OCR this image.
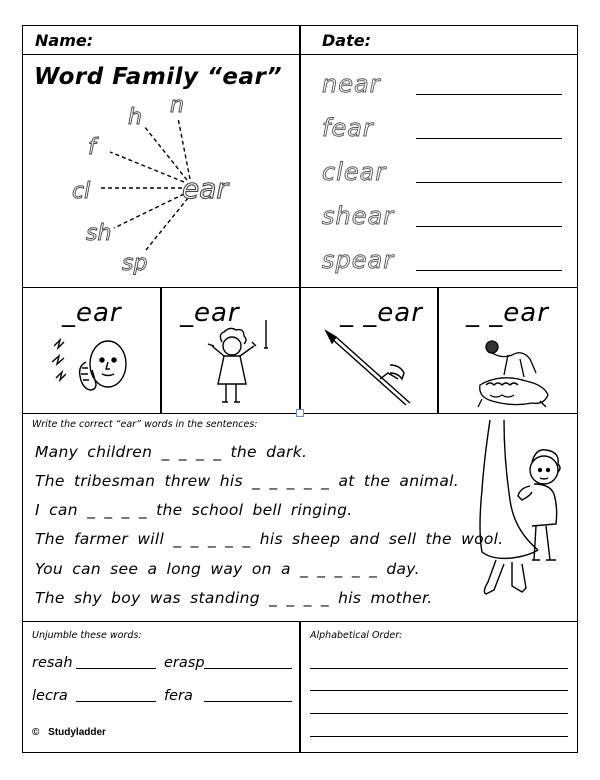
Name:	Date:
Word Family “ear”
h n
f
cl
sh
sp
ear
near
fear
clear
shear
spear
_ear _ear	_ _ear _ _ear
Write the correct “ear” words in the sentences:
Many children _ _ _ _ the dark.
The tribesman threw his _ _ _ _ _ at the animal.
I can _ _ _ _ the school bell ringing.
The farmer will _ _ _ _ _ his sheep and sell the wool.
You can see a long way on a _ _ _ _ _ day.
The shy boy was standing _ _ _ _ his mother.
Unjumble these words:
resah	erasp
lecra	fera
Alphabetical Order:
© Studyladder
